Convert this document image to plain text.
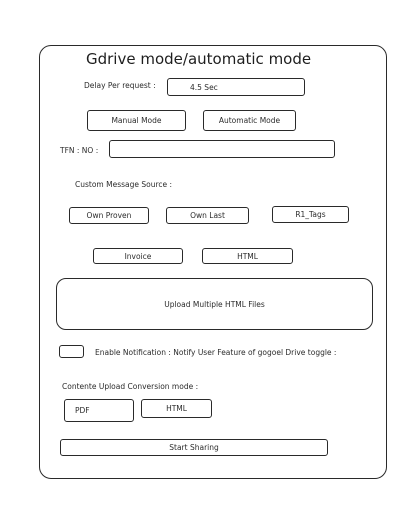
Gdrive mode/automatic mode
Delay Per request :	4.5 Sec
Manual Mode	Automatic Mode
TFN : NO :
Custom Message Source :
Own Proven	Own Last	R1_Tags
Invoice	HTML
Upload Multiple HTML Files
Enable Notification : Notify User Feature of gogoel Drive toggle :
Contente Upload Conversion mode :
PDF	HTML
Start Sharing
